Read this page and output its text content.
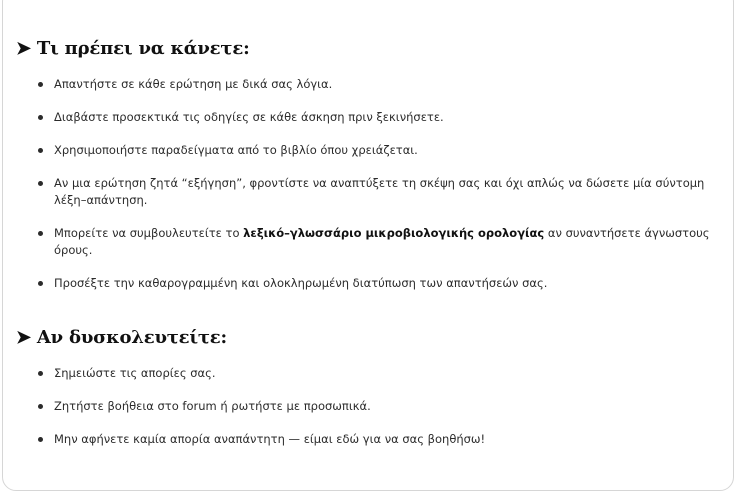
➤ Τι πρέπει να κάνετε:
Απαντήστε σε κάθε ερώτηση με δικά σας λόγια.
Διαβάστε προσεκτικά τις οδηγίες σε κάθε άσκηση πριν ξεκινήσετε.
Χρησιμοποιήστε παραδείγματα από το βιβλίο όπου χρειάζεται.
Αν μια ερώτηση ζητά “εξήγηση”, φροντίστε να αναπτύξετε τη σκέψη σας και όχι απλώς να δώσετε μία σύντομη λέξη–απάντηση.
Μπορείτε να συμβουλευτείτε το λεξικό–γλωσσάριο μικροβιολογικής ορολογίας αν συναντήσετε άγνωστους όρους.
Προσέξτε την καθαρογραμμένη και ολοκληρωμένη διατύπωση των απαντήσεών σας.
➤ Αν δυσκολευτείτε:
Σημειώστε τις απορίες σας.
Ζητήστε βοήθεια στο forum ή ρωτήστε με προσωπικά.
Μην αφήνετε καμία απορία αναπάντητη — είμαι εδώ για να σας βοηθήσω!
